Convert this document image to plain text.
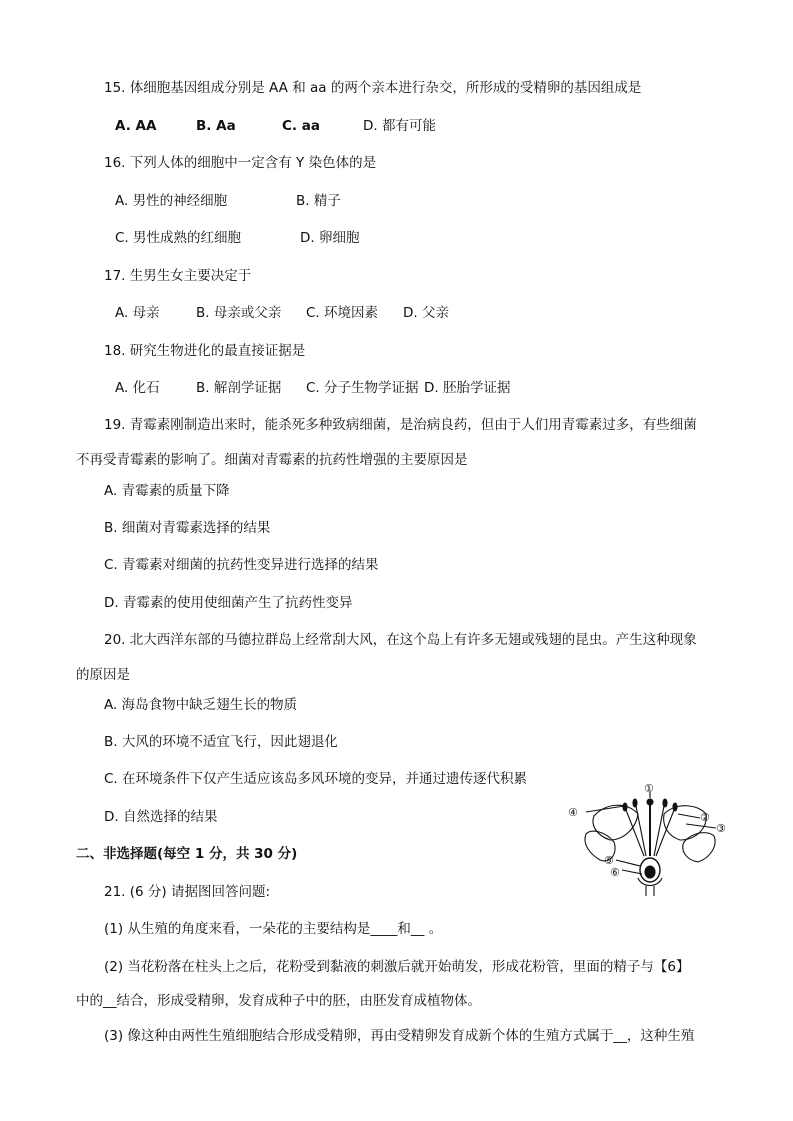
15. 体细胞基因组成分别是 AA 和 aa 的两个亲本进行杂交，所形成的受精卵的基因组成是
A. AA	B. Aa	C. aa	D. 都有可能
16. 下列人体的细胞中一定含有 Y 染色体的是
A. 男性的神经细胞	B. 精子
C. 男性成熟的红细胞	D. 卵细胞
17. 生男生女主要决定于
A. 母亲	B. 母亲或父亲 C. 环境因素 D. 父亲
18. 研究生物进化的最直接证据是
A. 化石	B. 解剖学证据 C. 分子生物学证据 D. 胚胎学证据
19. 青霉素刚制造出来时，能杀死多种致病细菌，是治病良药，但由于人们用青霉素过多，有些细菌
不再受青霉素的影响了。细菌对青霉素的抗药性增强的主要原因是
A. 青霉素的质量下降
B. 细菌对青霉素选择的结果
C. 青霉素对细菌的抗药性变异进行选择的结果
D. 青霉素的使用使细菌产生了抗药性变异
20. 北大西洋东部的马德拉群岛上经常刮大风，在这个岛上有许多无翅或残翅的昆虫。产生这种现象
的原因是
A. 海岛食物中缺乏翅生长的物质
B. 大风的环境不适宜飞行，因此翅退化
C. 在环境条件下仅产生适应该岛多风环境的变异，并通过遗传逐代积累
D. 自然选择的结果
二、非选择题(每空 1 分，共 30 分)
21. (6 分) 请据图回答问题:
(1) 从生殖的角度来看，一朵花的主要结构是____和__ 。
(2) 当花粉落在柱头上之后，花粉受到黏液的刺激后就开始萌发，形成花粉管，里面的精子与【6】
中的__结合，形成受精卵，发育成种子中的胚，由胚发育成植物体。
(3) 像这种由两性生殖细胞结合形成受精卵，再由受精卵发育成新个体的生殖方式属于__，这种生殖
①
②
③
④
⑤
⑥
